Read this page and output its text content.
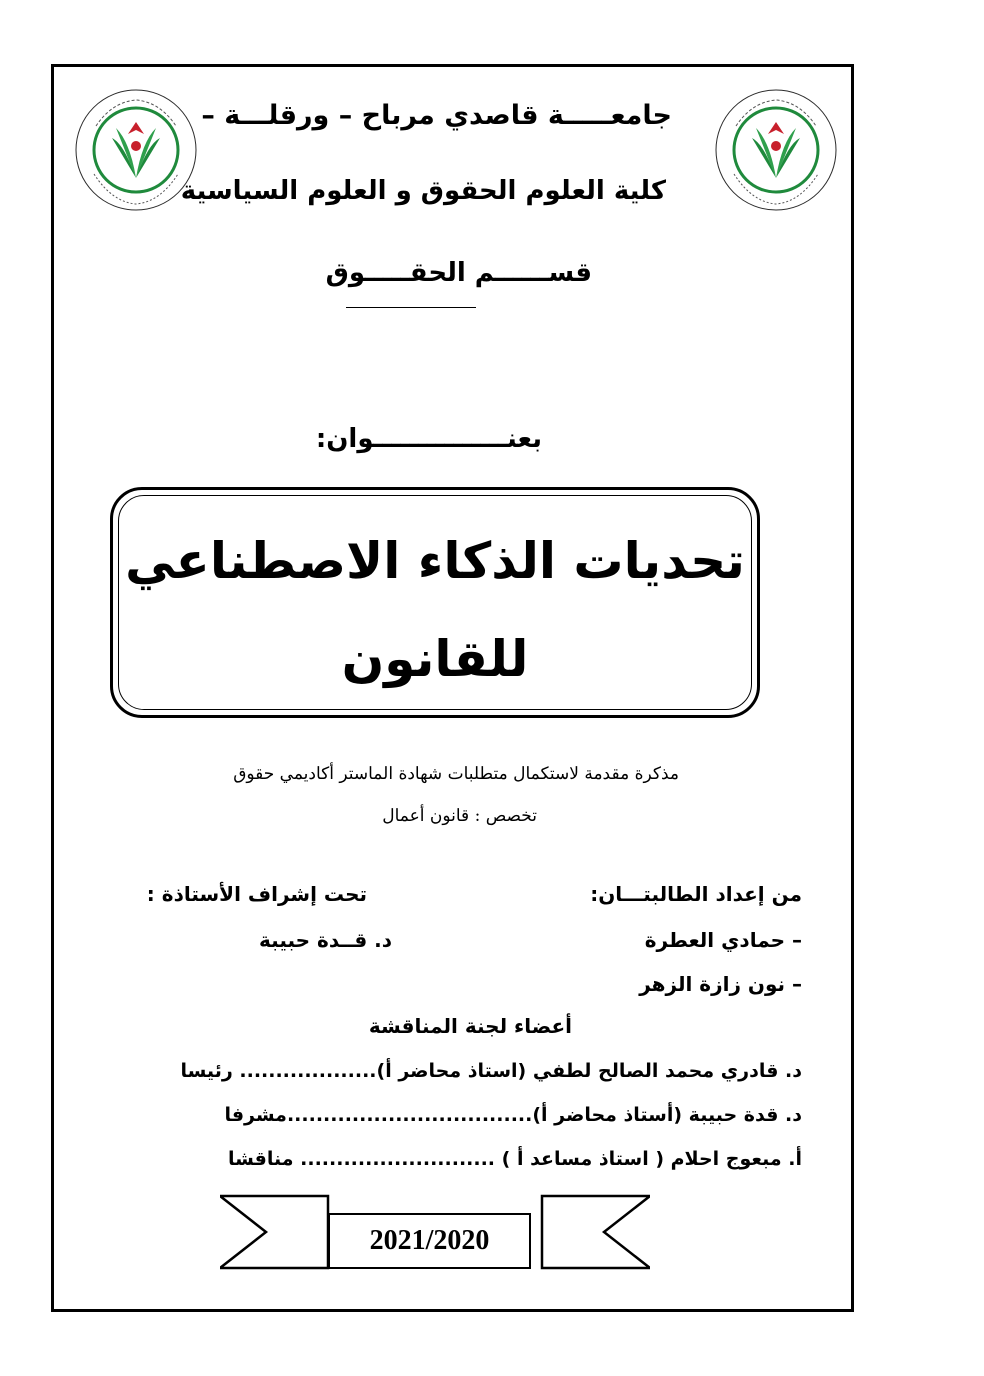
جامعـــــة قاصدي مرباح – ورقلـــة –
كلية العلوم الحقوق و العلوم السياسية
قســــــم الحقـــــوق
بعنـــــــــــــــوان:
تحديات الذكاء الاصطناعي
للقانون
مذكرة مقدمة لاستكمال متطلبات شهادة الماستر أكاديمي حقوق
تخصص : قانون أعمال
من إعداد الطالبتـــان:
تحت إشراف الأستاذة :
– حمادي العطرة
د. قــدة حبيبة
– نون زازة الزهر
أعضاء لجنة المناقشة
د. قادري محمد الصالح لطفي (استاذ محاضر أ)................... رئيسا
د. قدة حبيبة (أستاذ محاضر أ)..................................مشرفا
أ. مبعوج احلام ( استاذ مساعد أ ) ........................... مناقشا
2021/2020
